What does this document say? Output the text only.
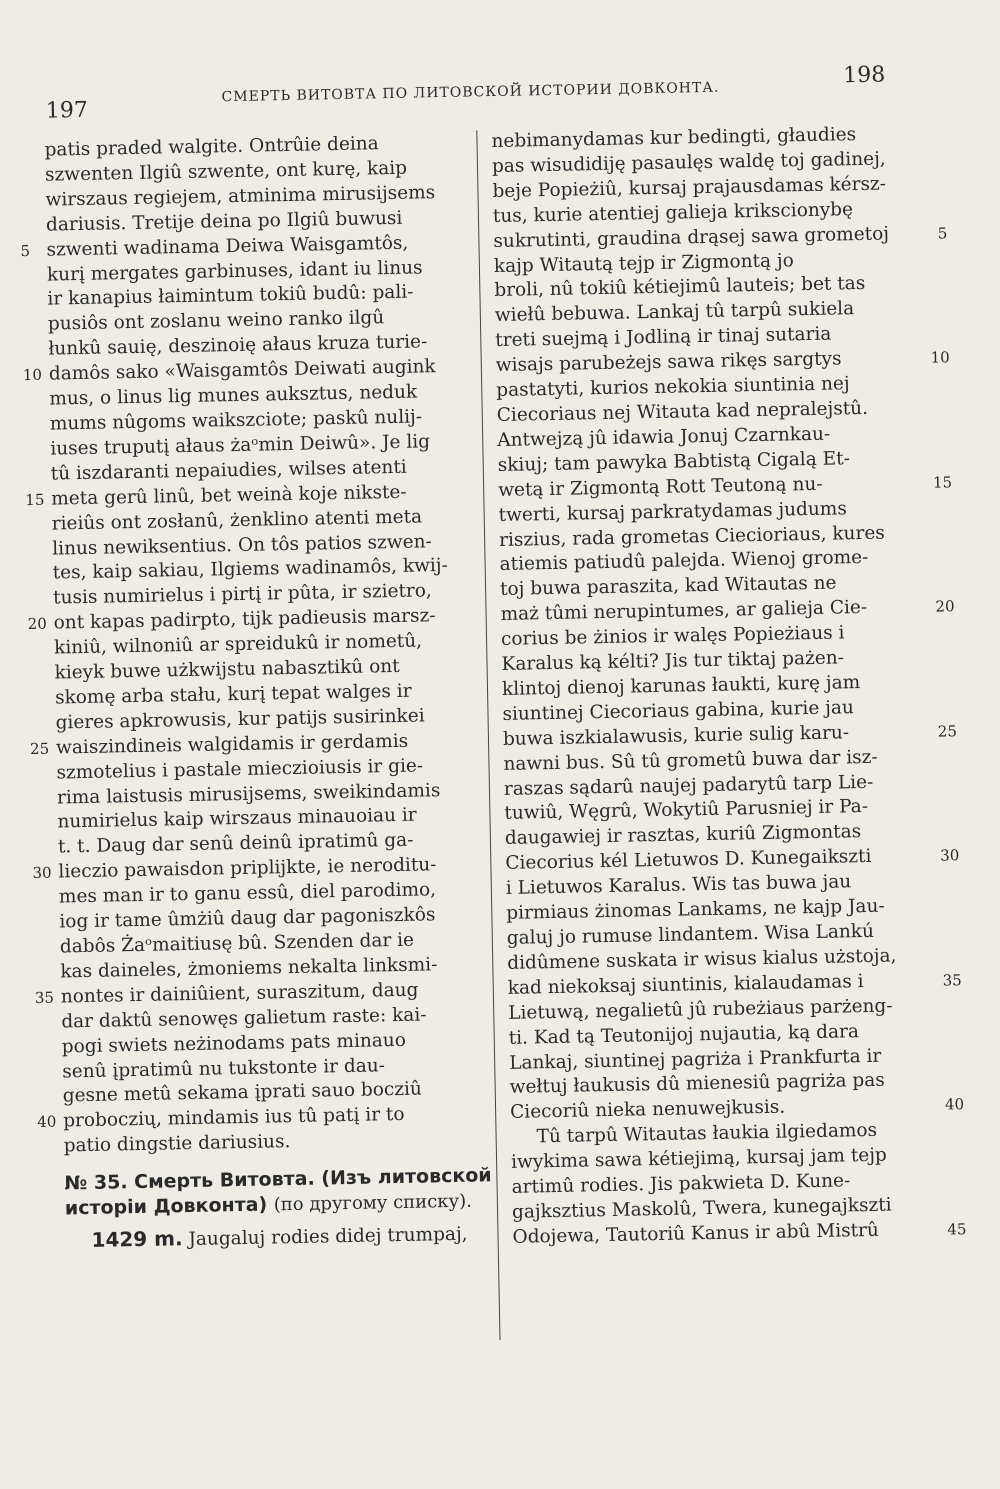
197
СМЕРТЬ ВИТОВТА ПО ЛИТОВСКОЙ ИСТОРИИ ДОВКОНТА.
198
patis praded walgite. Ontrûie deina
szwenten Ilgiû szwente, ont kurę, kaip
wirszaus regiejem, atminima mirusijsems
dariusis. Tretije deina po Ilgiû buwusi
szwenti wadinama Deiwa Waisgamtôs,
5
kurį mergates garbinuses, idant iu linus
ir kanapius łaimintum tokiû budû: pali-
pusiôs ont zoslanu weino ranko ilgû
łunkû sauię, deszinoię ałaus kruza turie-
damôs sako «Waisgamtôs Deiwati augink
10
mus, o linus lig munes auksztus, neduk
mums nûgoms waikszciote; paskû nulij-
iuses truputį ałaus żaᵒmin Deiwû». Je lig
tû iszdaranti nepaiudies, wilses atenti
meta gerû linû, bet weinà koje nikste-
15
rieiûs ont zosłanû, żenklino atenti meta
linus newiksentius. On tôs patios szwen-
tes, kaip sakiau, Ilgiems wadinamôs, kwij-
tusis numirielus i pirtį ir pûta, ir szietro,
ont kapas padirpto, tijk padieusis marsz-
20
kiniû, wilnoniû ar spreidukû ir nometû,
kieyk buwe użkwijstu nabasztikû ont
skomę arba stału, kurį tepat walges ir
gieres apkrowusis, kur patijs susirinkei
waiszindineis walgidamis ir gerdamis
25
szmotelius i pastale miecziоiusis ir gie-
rima laistusis mirusijsems, sweikindamis
numirielus kaip wirszaus minauoiau ir
t. t. Daug dar senû deinû ipratimû ga-
lieczio pawaisdon priplijkte, ie neroditu-
30
mes man ir to ganu essû, diel parodimo,
iog ir tame ûmżiû daug dar pagoniszkôs
dabôs Żaᵒmaitiusę bû. Szenden dar ie
kas daineles, żmoniems nekalta linksmi-
nontes ir dainiûient, suraszitum, daug
35
dar daktû senowęs galietum raste: kai-
pogi swiets neżinodams pats minauo
senû įpratimû nu tukstonte ir dau-
gesne metû sekama įprati sauo bocziû
proboczių, mindamis ius tû patį ir to
40
patio dingstie dariusius.
№ 35. Смерть Витовта. (Изъ литовской
исторіи Довконта) (по другому списку).
1429 m. Jaugaluj rodies didej trumpaj,
nebimanydamas kur bedingti, głaudies
pas wisudidiję pasaulęs waldę toj gadinej,
beje Popieżiû, kursaj prajausdamas kérsz-
tus, kurie atentiej galieja krikscionybę
sukrutinti, graudina drąsej sawa grometoj	5
kajp Witautą tejp ir Zigmontą jo
broli, nû tokiû kétiejimû lauteis; bet tas
wiełû bebuwa. Lankaj tû tarpû sukiela
treti suejmą i Jodliną ir tinaj sutaria
wisajs parubeżejs sawa rikęs sargtys	10
pastatyti, kurios nekokia siuntinia nej
Ciecoriaus nej Witauta kad nepralejstû.
Antwejzą jû idawia Jonuj Czarnkau-
skiuj; tam pawyka Babtistą Cigalą Et-
wetą ir Zigmontą Rott Teutoną nu-	15
twerti, kursaj parkratydamas judums
riszius, rada grometas Ciecioriaus, kures
atiemis patiudû palejda. Wienoj grome-
toj buwa paraszita, kad Witautas ne
maż tûmi nerupintumes, ar galieja Cie-	20
corius be żinios ir walęs Popieżiaus i
Karalus ką kélti? Jis tur tiktaj pażen-
klintoj dienoj karunas łaukti, kurę jam
siuntinej Ciecoriaus gabina, kurie jau
buwa iszkialawusis, kurie sulig karu-	25
nawni bus. Sû tû grometû buwa dar isz-
raszas sądarû naujej padarytû tarp Lie-
tuwiû, Węgrû, Wokytiû Parusniej ir Pa-
daugawiej ir rasztas, kuriû Zigmontas
Ciecorius kél Lietuwos D. Kunegaikszti	30
i Lietuwos Karalus. Wis tas buwa jau
pirmiaus żinomas Lankams, ne kajp Jau-
galuj jo rumuse lindantem. Wisa Lankú
didûmene suskata ir wisus kialus użstoja,
kad niekoksaj siuntinis, kialaudamas i	35
Lietuwą, negalietû jû rubeżiaus parżeng-
ti. Kad tą Teutonijoj nujautia, ką dara
Lankaj, siuntinej pagriża i Prankfurta ir
wełtuj łaukusis dû mienesiû pagriża pas
Ciecoriû nieka nenuwejkusis.	40
Tû tarpû Witautas łaukia ilgiedamos
iwykima sawa kétiejimą, kursaj jam tejp
artimû rodies. Jis pakwieta D. Kune-
gajksztius Maskolû, Twera, kunegajkszti
Odojewa, Tautoriû Kanus ir abû Mistrû	45
